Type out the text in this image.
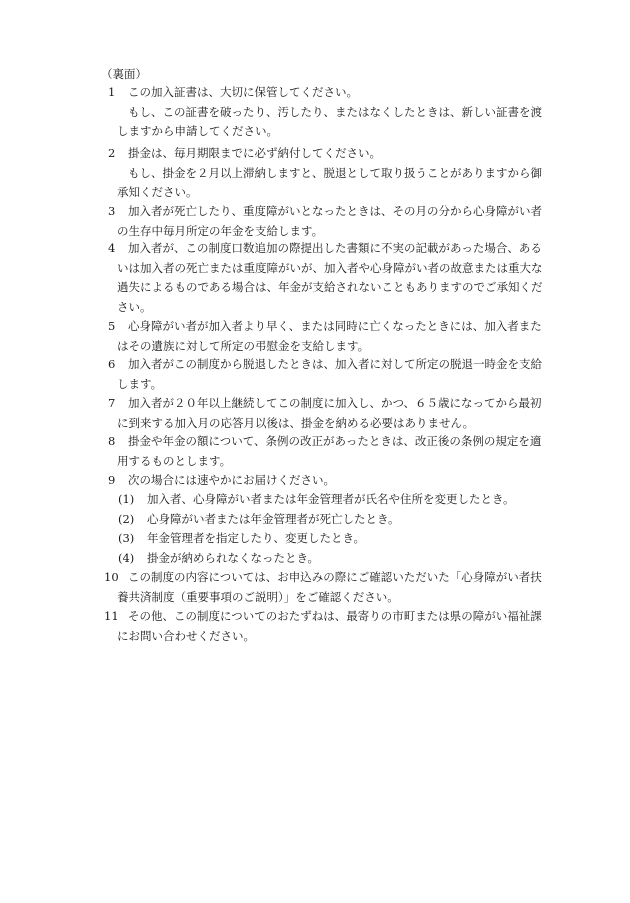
（裏面）
1 この加入証書は、大切に保管してください。
もし、この証書を破ったり、汚したり、またはなくしたときは、新しい証書を渡
しますから申請してください。
2 掛金は、毎月期限までに必ず納付してください。
もし、掛金を２月以上滞納しますと、脱退として取り扱うことがありますから御
承知ください。
3 加入者が死亡したり、重度障がいとなったときは、その月の分から心身障がい者
の生存中毎月所定の年金を支給します。
4 加入者が、この制度口数追加の際提出した書類に不実の記載があった場合、ある
いは加入者の死亡または重度障がいが、加入者や心身障がい者の故意または重大な
過失によるものである場合は、年金が支給されないこともありますのでご承知くだ
さい。
5 心身障がい者が加入者より早く、または同時に亡くなったときには、加入者また
はその遺族に対して所定の弔慰金を支給します。
6 加入者がこの制度から脱退したときは、加入者に対して所定の脱退一時金を支給
します。
7 加入者が２０年以上継続してこの制度に加入し、かつ、６５歳になってから最初
に到来する加入月の応答月以後は、掛金を納める必要はありません。
8 掛金や年金の額について、条例の改正があったときは、改正後の条例の規定を適
用するものとします。
9 次の場合には速やかにお届けください。
(1) 加入者、心身障がい者または年金管理者が氏名や住所を変更したとき。
(2) 心身障がい者または年金管理者が死亡したとき。
(3) 年金管理者を指定したり、変更したとき。
(4) 掛金が納められなくなったとき。
10 この制度の内容については、お申込みの際にご確認いただいた「心身障がい者扶
養共済制度（重要事項のご説明）」をご確認ください。
11 その他、この制度についてのおたずねは、最寄りの市町または県の障がい福祉課
にお問い合わせください。
